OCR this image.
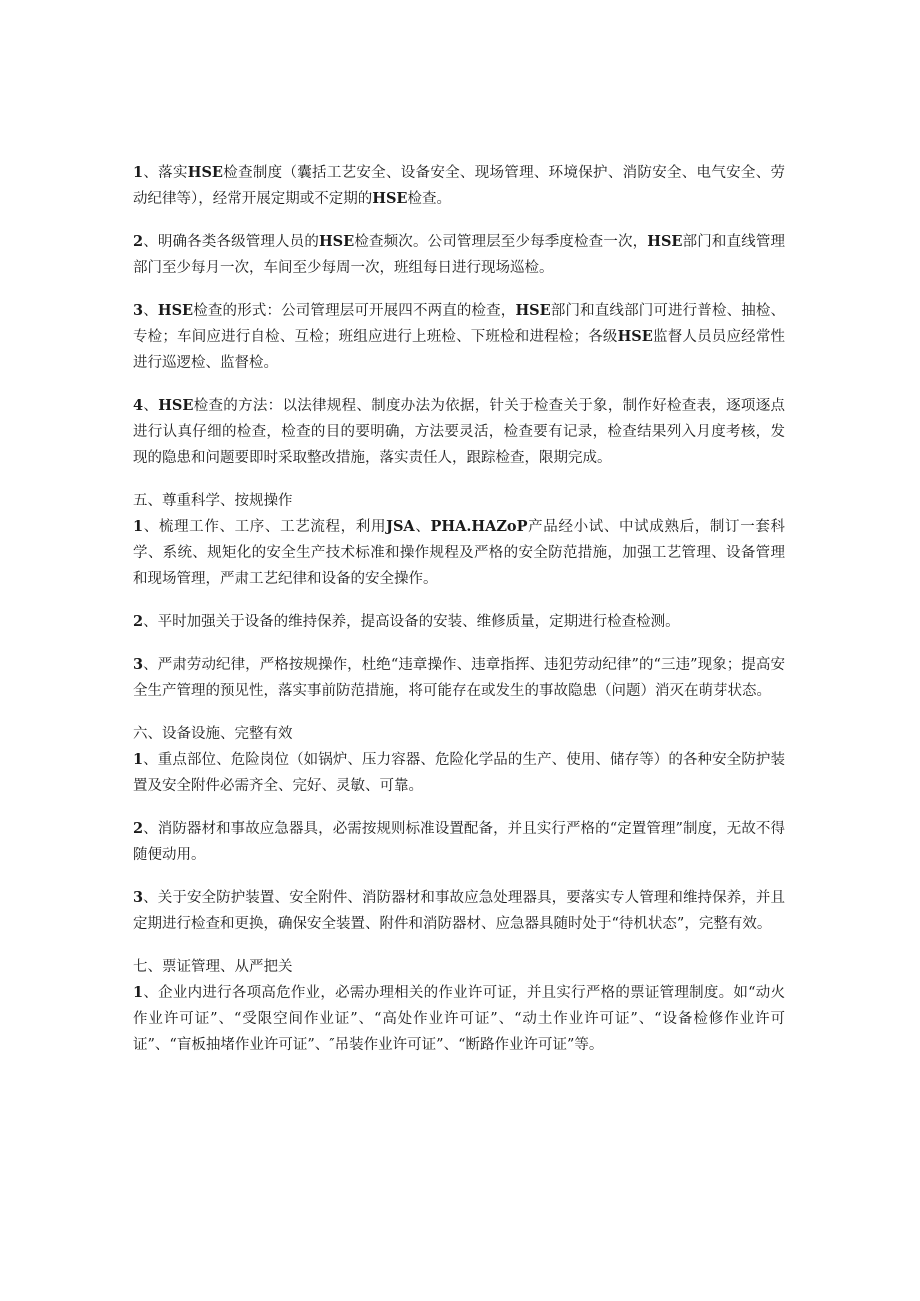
1、落实HSE检查制度（囊括工艺安全、设备安全、现场管理、环境保护、消防安全、电气安全、劳动纪律等），经常开展定期或不定期的HSE检查。

2、明确各类各级管理人员的HSE检查频次。公司管理层至少每季度检查一次，HSE部门和直线管理部门至少每月一次，车间至少每周一次，班组每日进行现场巡检。

3、HSE检查的形式：公司管理层可开展四不两直的检查，HSE部门和直线部门可进行普检、抽检、专检；车间应进行自检、互检；班组应进行上班检、下班检和进程检；各级HSE监督人员员应经常性进行巡逻检、监督检。

4、HSE检查的方法：以法律规程、制度办法为依据，针关于检查关于象，制作好检查表，逐项逐点进行认真仔细的检查，检查的目的要明确，方法要灵活，检查要有记录，检查结果列入月度考核，发现的隐患和问题要即时采取整改措施，落实责任人，跟踪检查，限期完成。

五、尊重科学、按规操作

1、梳理工作、工序、工艺流程，利用JSA、PHA.HAZoP产品经小试、中试成熟后，制订一套科学、系统、规矩化的安全生产技术标准和操作规程及严格的安全防范措施，加强工艺管理、设备管理和现场管理，严肃工艺纪律和设备的安全操作。

2、平时加强关于设备的维持保养，提高设备的安装、维修质量，定期进行检查检测。

3、严肃劳动纪律，严格按规操作，杜绝“违章操作、违章指挥、违犯劳动纪律”的“三违”现象；提高安全生产管理的预见性，落实事前防范措施，将可能存在或发生的事故隐患（问题）消灭在萌芽状态。

六、设备设施、完整有效

1、重点部位、危险岗位（如锅炉、压力容器、危险化学品的生产、使用、储存等）的各种安全防护装置及安全附件必需齐全、完好、灵敏、可靠。

2、消防器材和事故应急器具，必需按规则标准设置配备，并且实行严格的“定置管理”制度，无故不得随便动用。

3、关于安全防护装置、安全附件、消防器材和事故应急处理器具，要落实专人管理和维持保养，并且定期进行检查和更换，确保安全装置、附件和消防器材、应急器具随时处于“待机状态”，完整有效。

七、票证管理、从严把关

1、企业内进行各项高危作业，必需办理相关的作业许可证，并且实行严格的票证管理制度。如“动火作业许可证”、“受限空间作业证”、“高处作业许可证”、“动土作业许可证”、“设备检修作业许可证”、“盲板抽堵作业许可证”、″吊装作业许可证”、“断路作业许可证”等。
